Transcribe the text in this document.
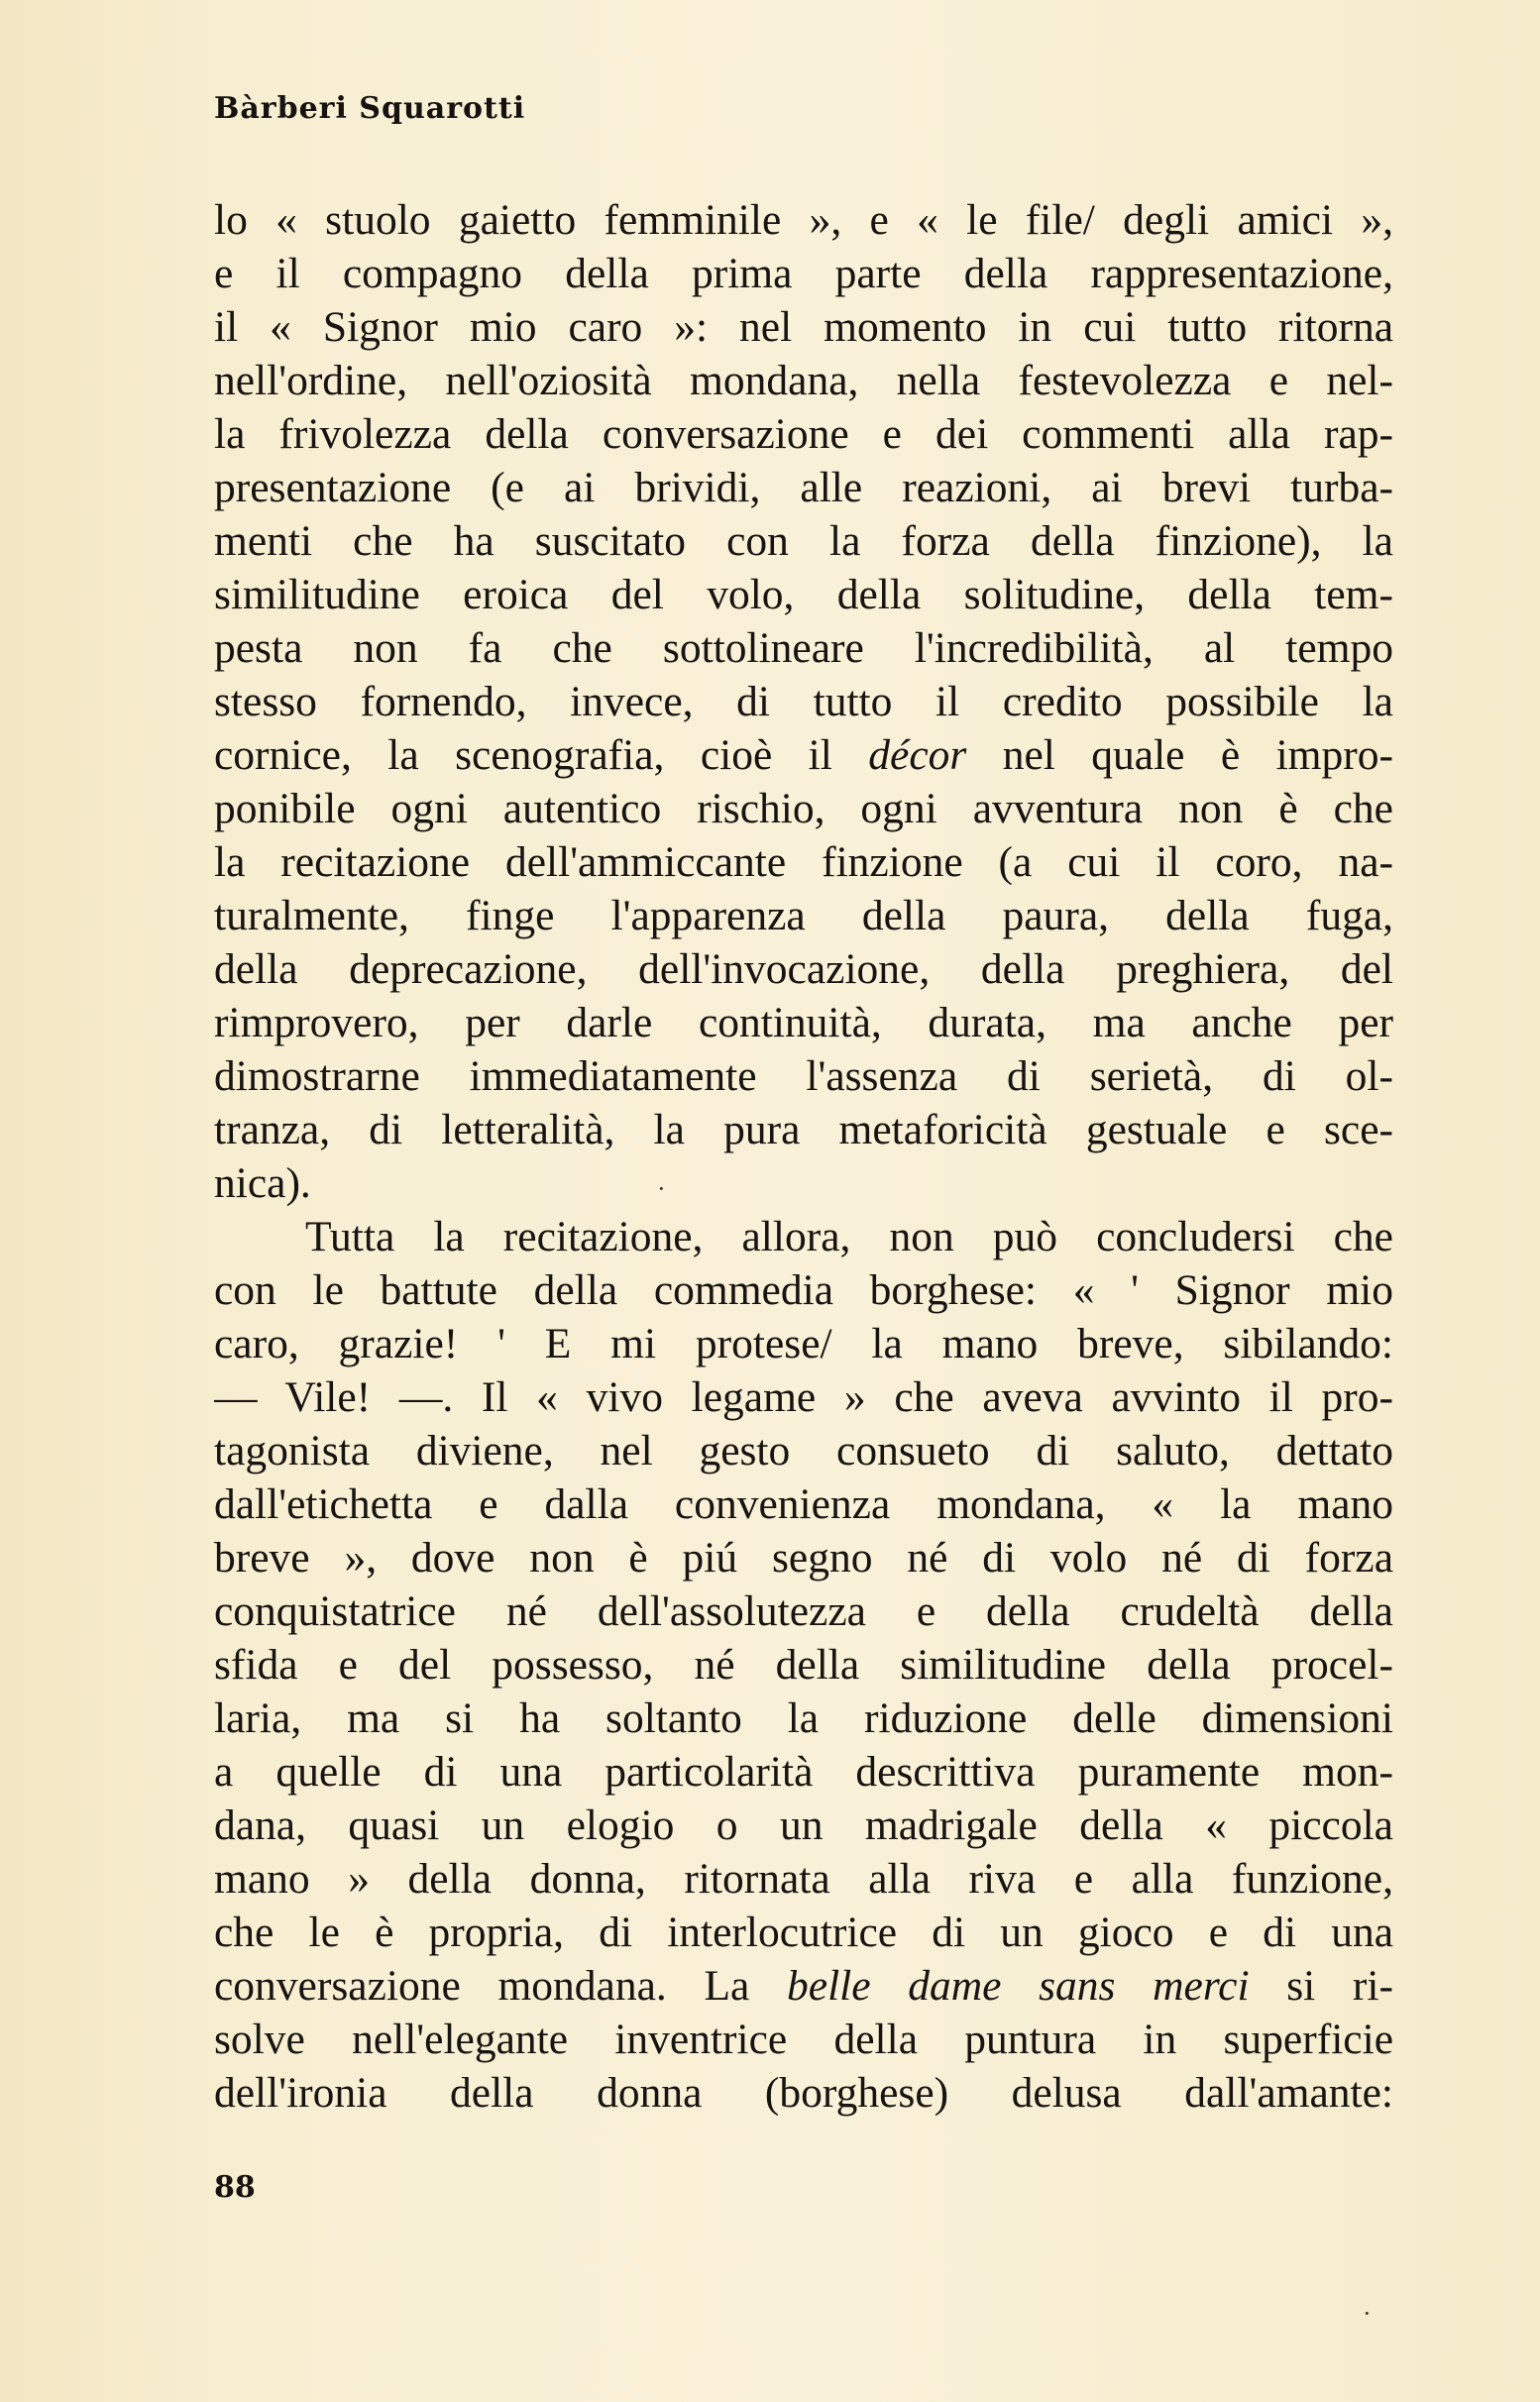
Bàrberi Squarotti
lo « stuolo gaietto femminile », e « le file/ degli amici »,
e il compagno della prima parte della rappresentazione,
il « Signor mio caro »: nel momento in cui tutto ritorna
nell'ordine, nell'oziosità mondana, nella festevolezza e nel-
la frivolezza della conversazione e dei commenti alla rap-
presentazione (e ai brividi, alle reazioni, ai brevi turba-
menti che ha suscitato con la forza della finzione), la
similitudine eroica del volo, della solitudine, della tem-
pesta non fa che sottolineare l'incredibilità, al tempo
stesso fornendo, invece, di tutto il credito possibile la
cornice, la scenografia, cioè il décor nel quale è impro-
ponibile ogni autentico rischio, ogni avventura non è che
la recitazione dell'ammiccante finzione (a cui il coro, na-
turalmente, finge l'apparenza della paura, della fuga,
della deprecazione, dell'invocazione, della preghiera, del
rimprovero, per darle continuità, durata, ma anche per
dimostrarne immediatamente l'assenza di serietà, di ol-
tranza, di letteralità, la pura metaforicità gestuale e sce-
nica).
Tutta la recitazione, allora, non può concludersi che
con le battute della commedia borghese: « ' Signor mio
caro, grazie! ' E mi protese/ la mano breve, sibilando:
— Vile! —. Il « vivo legame » che aveva avvinto il pro-
tagonista diviene, nel gesto consueto di saluto, dettato
dall'etichetta e dalla convenienza mondana, « la mano
breve », dove non è piú segno né di volo né di forza
conquistatrice né dell'assolutezza e della crudeltà della
sfida e del possesso, né della similitudine della procel-
laria, ma si ha soltanto la riduzione delle dimensioni
a quelle di una particolarità descrittiva puramente mon-
dana, quasi un elogio o un madrigale della « piccola
mano » della donna, ritornata alla riva e alla funzione,
che le è propria, di interlocutrice di un gioco e di una
conversazione mondana. La belle dame sans merci si ri-
solve nell'elegante inventrice della puntura in superficie
dell'ironia della donna (borghese) delusa dall'amante:
88
·
·
